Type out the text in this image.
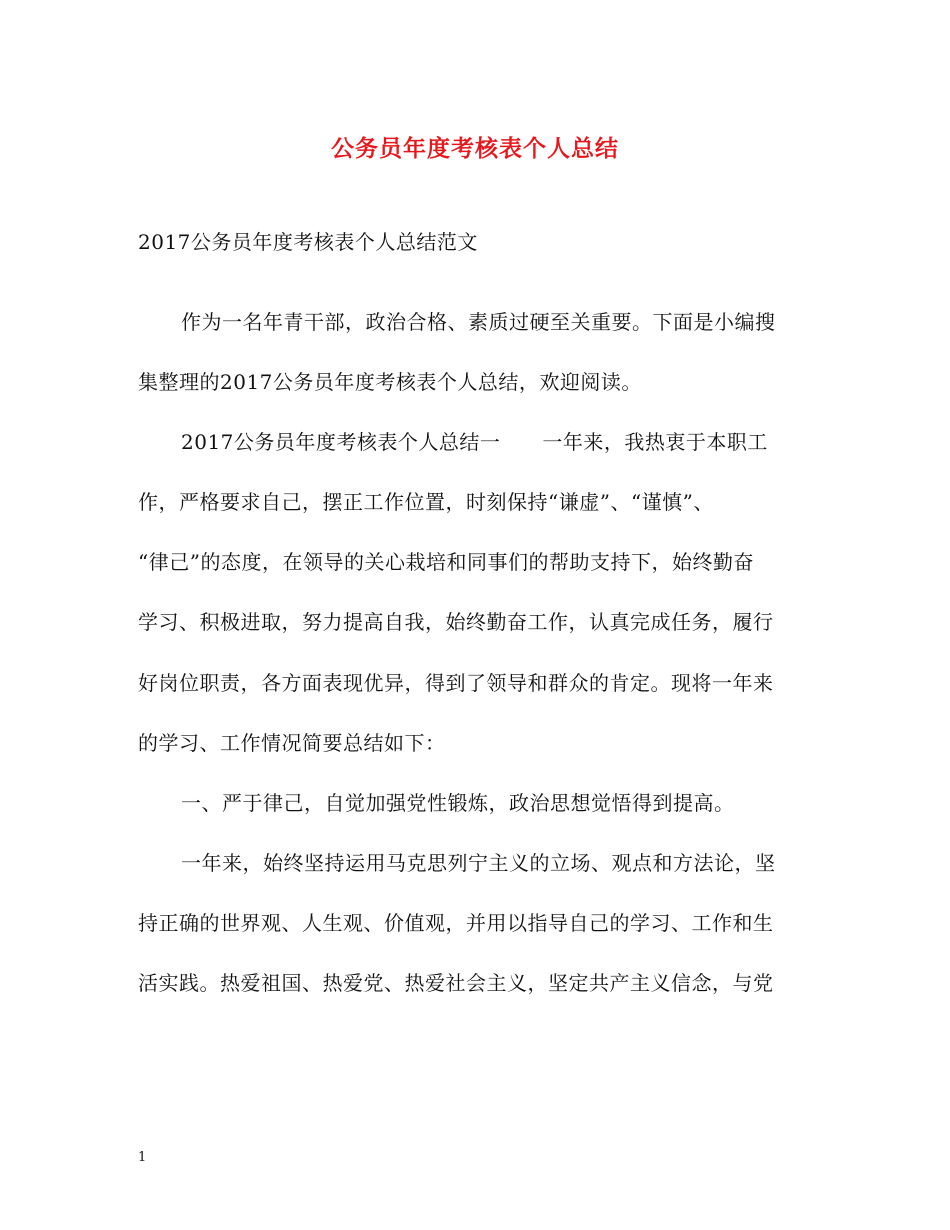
公务员年度考核表个人总结
2017公务员年度考核表个人总结范文
作为一名年青干部，政治合格、素质过硬至关重要。下面是小编搜
集整理的2017公务员年度考核表个人总结，欢迎阅读。
2017公务员年度考核表个人总结一 一年来，我热衷于本职工
作，严格要求自己，摆正工作位置，时刻保持“谦虚”、“谨慎”、
“律己”的态度，在领导的关心栽培和同事们的帮助支持下，始终勤奋
学习、积极进取，努力提高自我，始终勤奋工作，认真完成任务，履行
好岗位职责，各方面表现优异，得到了领导和群众的肯定。现将一年来
的学习、工作情况简要总结如下：
一、严于律己，自觉加强党性锻炼，政治思想觉悟得到提高。
一年来，始终坚持运用马克思列宁主义的立场、观点和方法论，坚
持正确的世界观、人生观、价值观，并用以指导自己的学习、工作和生
活实践。热爱祖国、热爱党、热爱社会主义，坚定共产主义信念，与党
1
